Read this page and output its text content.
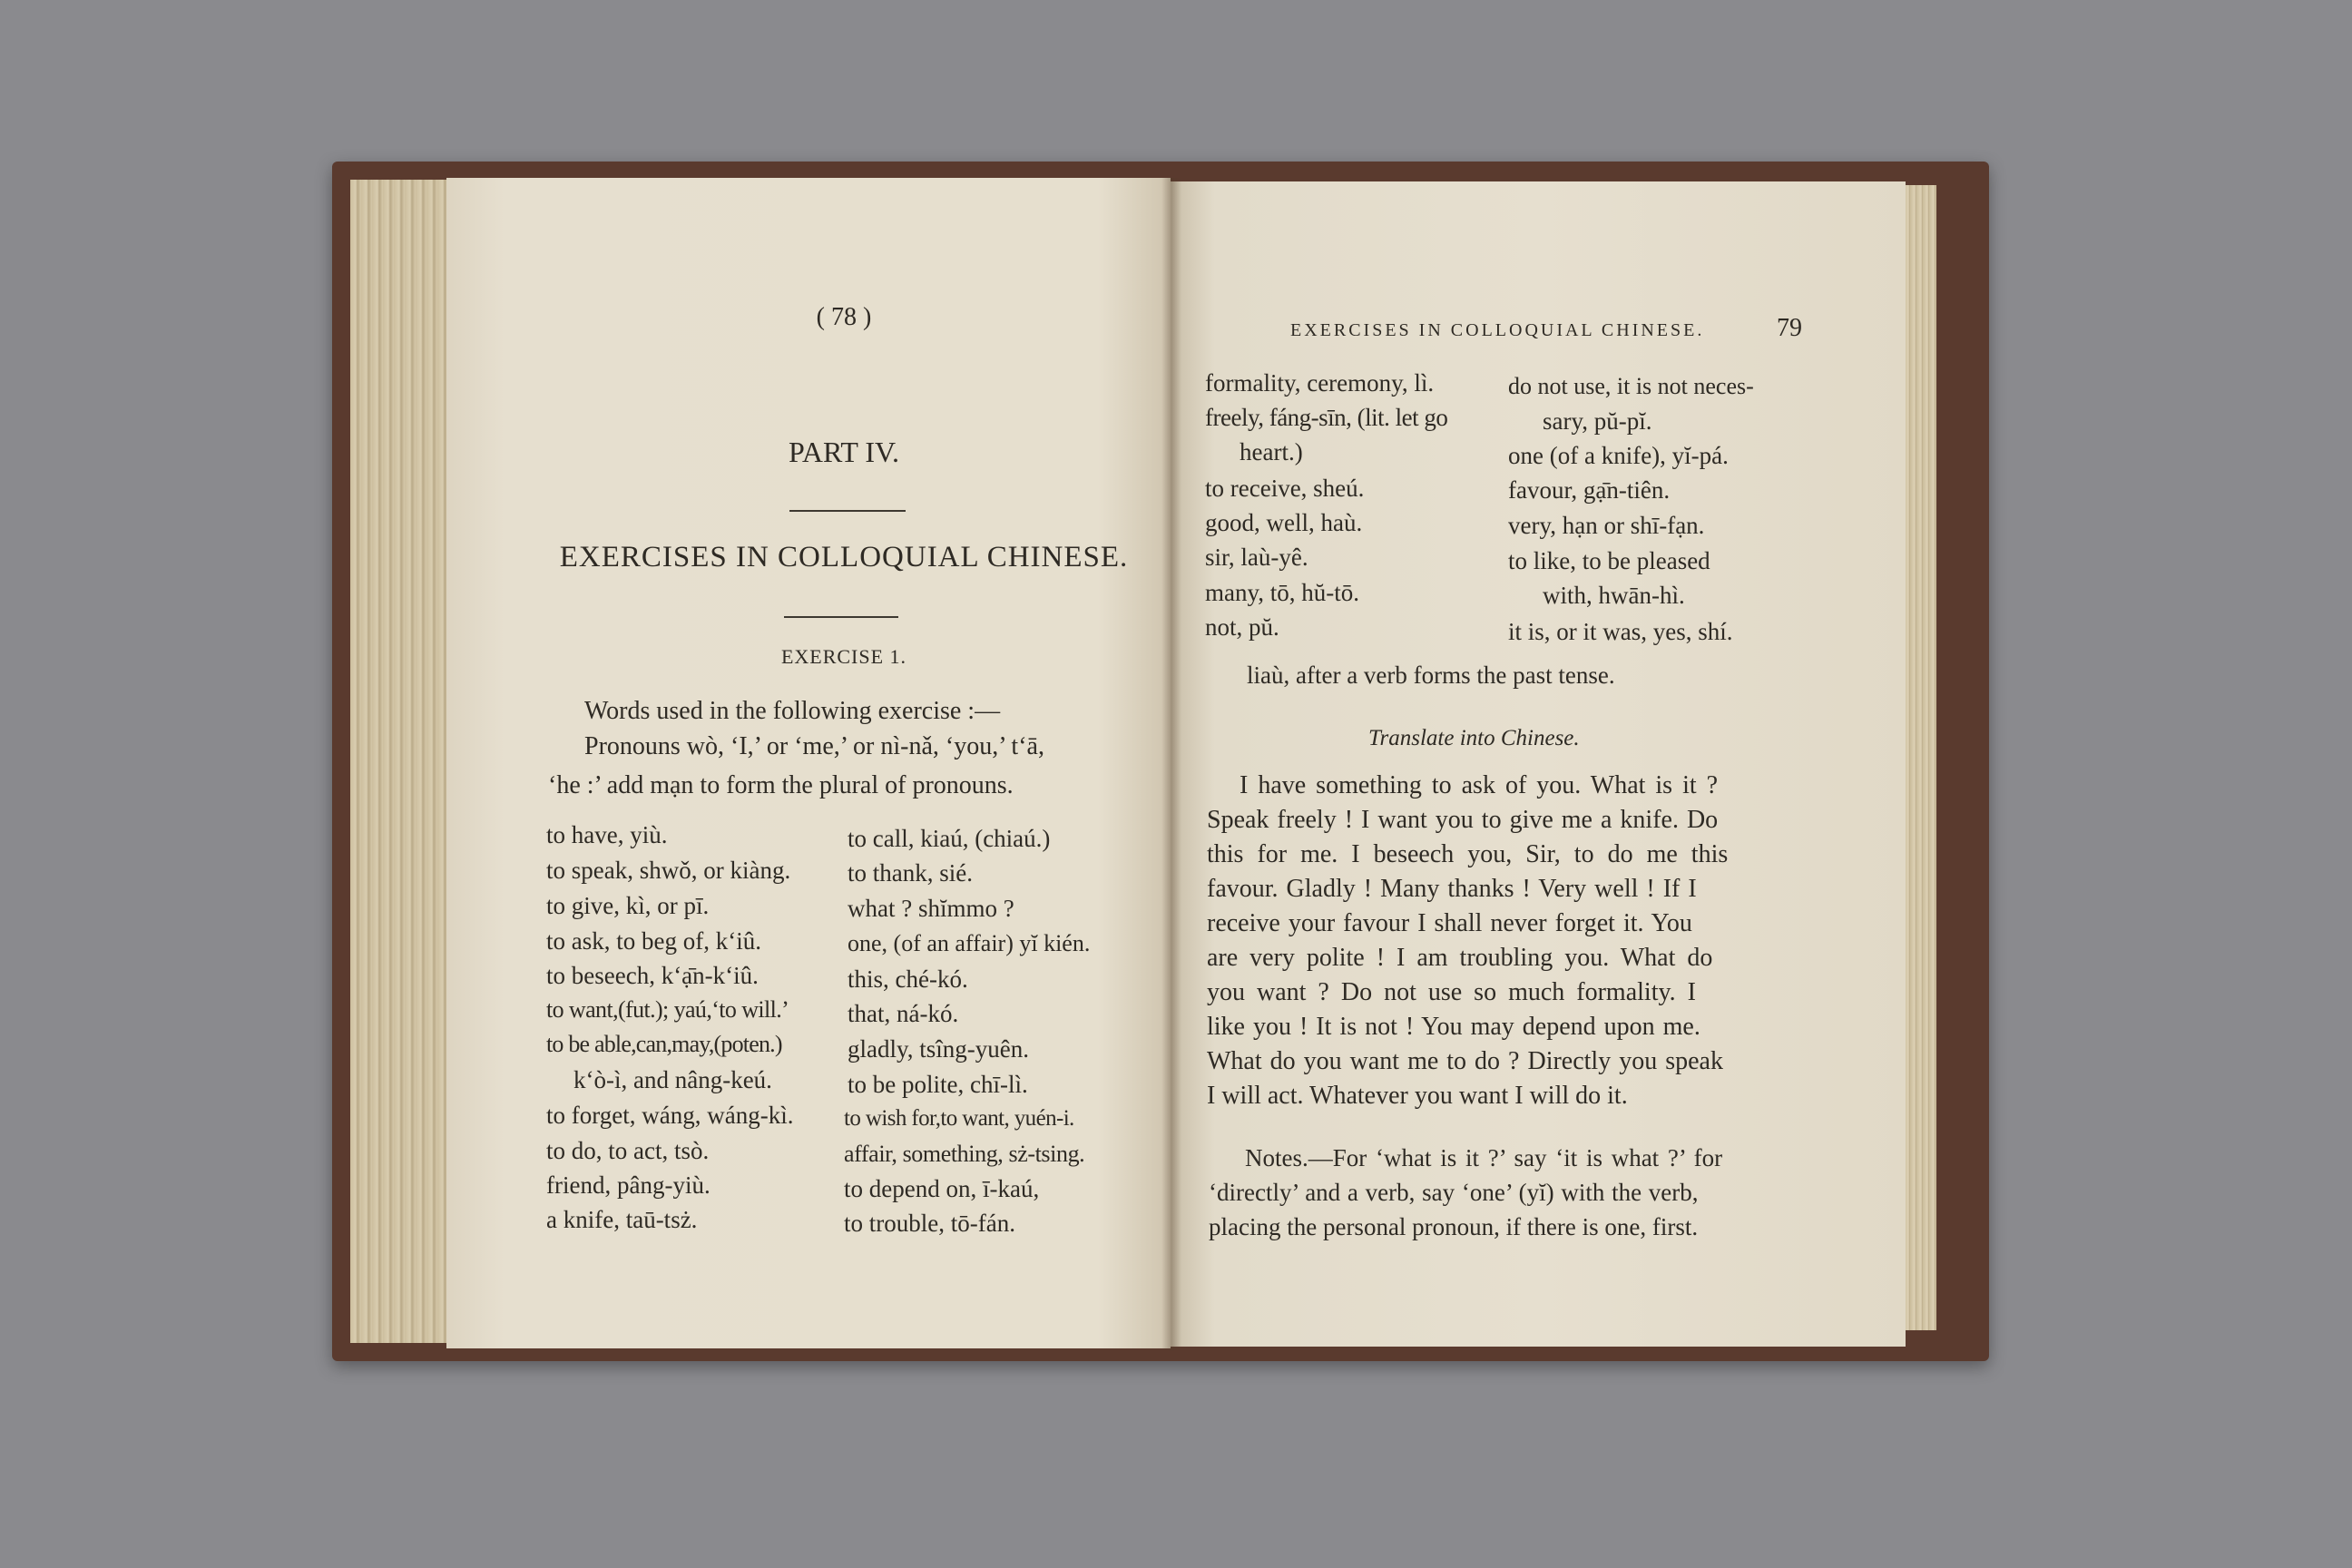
( 78 )
PART IV.
EXERCISES IN COLLOQUIAL CHINESE.
EXERCISE 1.
Words used in the following exercise :—
Pronouns wò, ‘I,’ or ‘me,’ or nì-nǎ, ‘you,’ t‘ā,
‘he :’ add mạn to form the plural of pronouns.
to have, yiù.
to speak, shwǒ, or kiàng.
to give, kì, or pī.
to ask, to beg of, k‘iû.
to beseech, k‘ạ̄n-k‘iû.
to want,(fut.); yaú,‘to will.’
to be able,can,may,(poten.)
k‘ò-ì, and nâng-keú.
to forget, wáng, wáng-kì.
to do, to act, tsò.
friend, pâng-yiù.
a knife, taū-tsż.
to call, kiaú, (chiaú.)
to thank, sié.
what ? shĭmmo ?
one, (of an affair) yĭ kién.
this, ché-kó.
that, ná-kó.
gladly, tsîng-yuên.
to be polite, chī-lì.
to wish for,to want, yuén-i.
affair, something, sż-tsing.
to depend on, ī-kaú,
to trouble, tō-fán.
EXERCISES IN COLLOQUIAL CHINESE.	79
formality, ceremony, lì.
freely, fáng-sīn, (lit. let go
heart.)
to receive, sheú.
good, well, haù.
sir, laù-yê.
many, tō, hŭ-tō.
not, pŭ.
do not use, it is not neces-
sary, pŭ-pĭ.
one (of a knife), yĭ-pá.
favour, gạ̄n-tiên.
very, hạn or shī-fạn.
to like, to be pleased
with, hwān-hì.
it is, or it was, yes, shí.
liaù, after a verb forms the past tense.
Translate into Chinese.
I have something to ask of you. What is it ?
Speak freely ! I want you to give me a knife. Do
this for me. I beseech you, Sir, to do me this
favour. Gladly ! Many thanks ! Very well ! If I
receive your favour I shall never forget it. You
are very polite ! I am troubling you. What do
you want ? Do not use so much formality. I
like you ! It is not ! You may depend upon me.
What do you want me to do ? Directly you speak
I will act. Whatever you want I will do it.
Notes.—For ‘what is it ?’ say ‘it is what ?’ for
‘directly’ and a verb, say ‘one’ (yĭ) with the verb,
placing the personal pronoun, if there is one, first.
